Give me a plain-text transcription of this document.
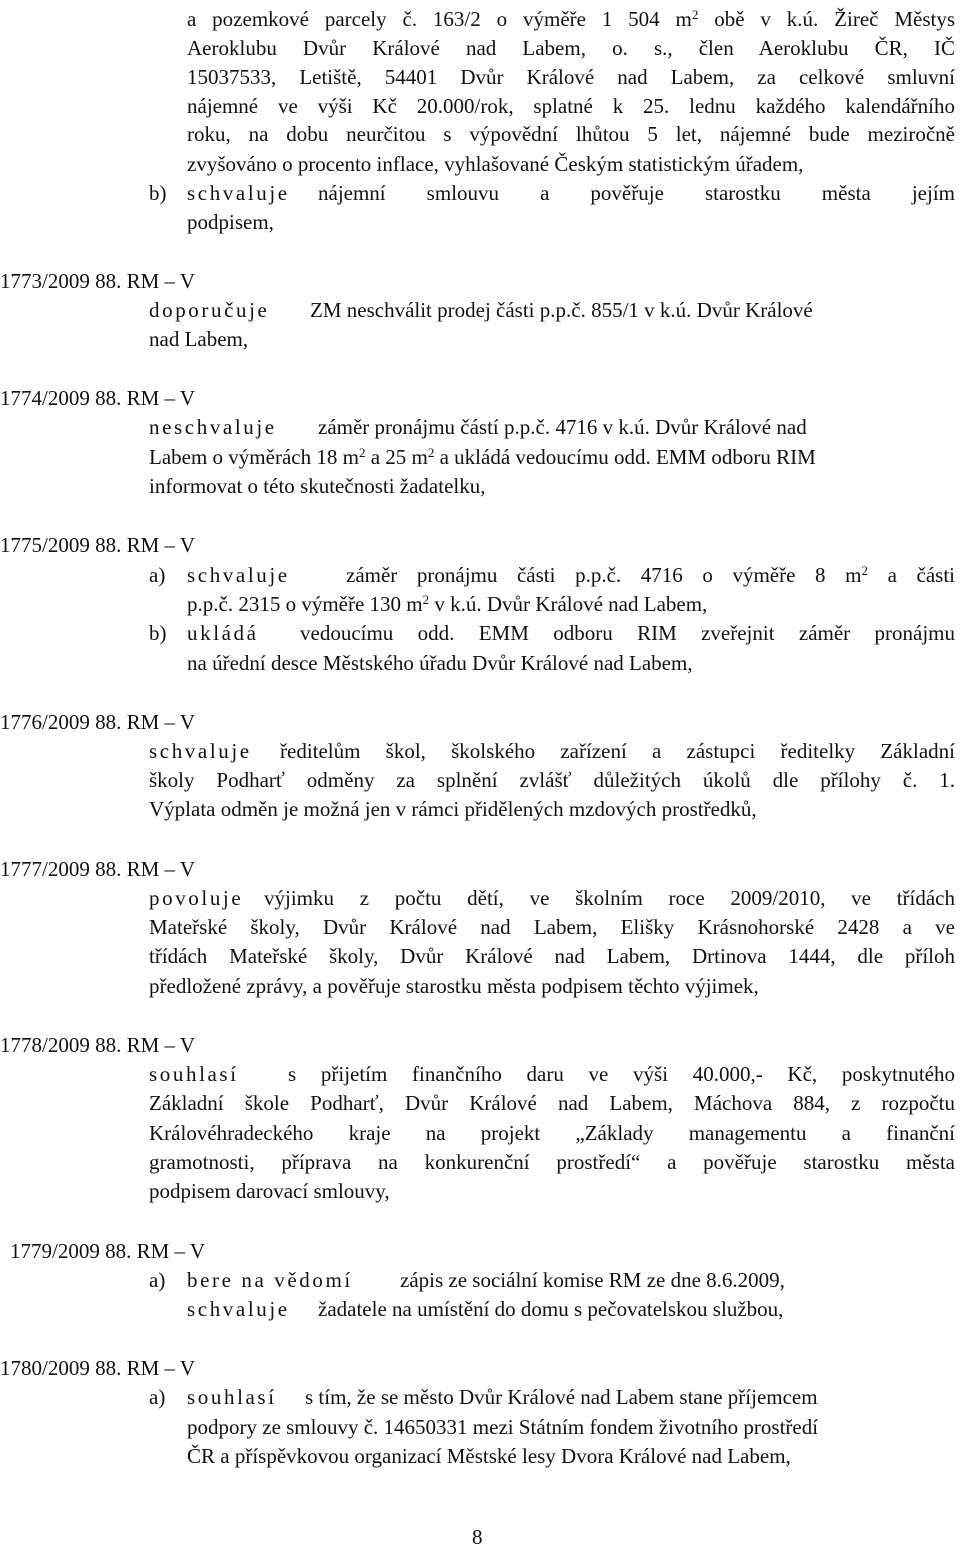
a pozemkové parcely č. 163/2 o výměře 1 504 $m^2$ obě v k.ú. Žireč Městys
Aeroklubu Dvůr Králové nad Labem, o. s., člen Aeroklubu ČR, IČ
15037533, Letiště, 54401 Dvůr Králové nad Labem, za celkové smluvní
nájemné ve výši Kč 20.000/rok, splatné k 25. lednu každého kalendářního
roku, na dobu neurčitou s výpovědní lhůtou 5 let, nájemné bude meziročně
zvyšováno o procento inflace, vyhlašované Českým statistickým úřadem,
b) schvaluje nájemní smlouvu a pověřuje starostku města jejím
podpisem,
1773/2009 88. RM – V
doporučuje ZM neschválit prodej části p.p.č. 855/1 v k.ú. Dvůr Králové
nad Labem,
1774/2009 88. RM – V
neschvaluje záměr pronájmu částí p.p.č. 4716 v k.ú. Dvůr Králové nad
Labem o výměrách 18 $m^2$ a 25 $m^2$ a ukládá vedoucímu odd. EMM odboru RIM
informovat o této skutečnosti žadatelku,
1775/2009 88. RM – V
a) schvaluje	záměr pronájmu části p.p.č. 4716 o výměře 8 $m^2$ a části
p.p.č. 2315 o výměře 130 $m^2$ v k.ú. Dvůr Králové nad Labem,
b) ukládá vedoucímu odd. EMM odboru RIM zveřejnit záměr pronájmu
na úřední desce Městského úřadu Dvůr Králové nad Labem,
1776/2009 88. RM – V
schvaluje ředitelům škol, školského zařízení a zástupci ředitelky Základní
školy Podharť odměny za splnění zvlášť důležitých úkolů dle přílohy č. 1.
Výplata odměn je možná jen v rámci přidělených mzdových prostředků,
1777/2009 88. RM – V
povoluje výjimku z počtu dětí, ve školním roce 2009/2010, ve třídách
Mateřské školy, Dvůr Králové nad Labem, Elišky Krásnohorské 2428 a ve
třídách Mateřské školy, Dvůr Králové nad Labem, Drtinova 1444, dle příloh
předložené zprávy, a pověřuje starostku města podpisem těchto výjimek,
1778/2009 88. RM – V
souhlasí s přijetím finančního daru ve výši 40.000,- Kč, poskytnutého
Základní škole Podharť, Dvůr Králové nad Labem, Máchova 884, z rozpočtu
Královéhradeckého kraje na projekt „Základy managementu a finanční
gramotnosti, příprava na konkurenční prostředí“ a pověřuje starostku města
podpisem darovací smlouvy,
1779/2009 88. RM – V
a) bere na vědomí zápis ze sociální komise RM ze dne 8.6.2009,
schvaluje žadatele na umístění do domu s pečovatelskou službou,
1780/2009 88. RM – V
a) souhlasí s tím, že se město Dvůr Králové nad Labem stane příjemcem
podpory ze smlouvy č. 14650331 mezi Státním fondem životního prostředí
ČR a příspěvkovou organizací Městské lesy Dvora Králové nad Labem,
8
